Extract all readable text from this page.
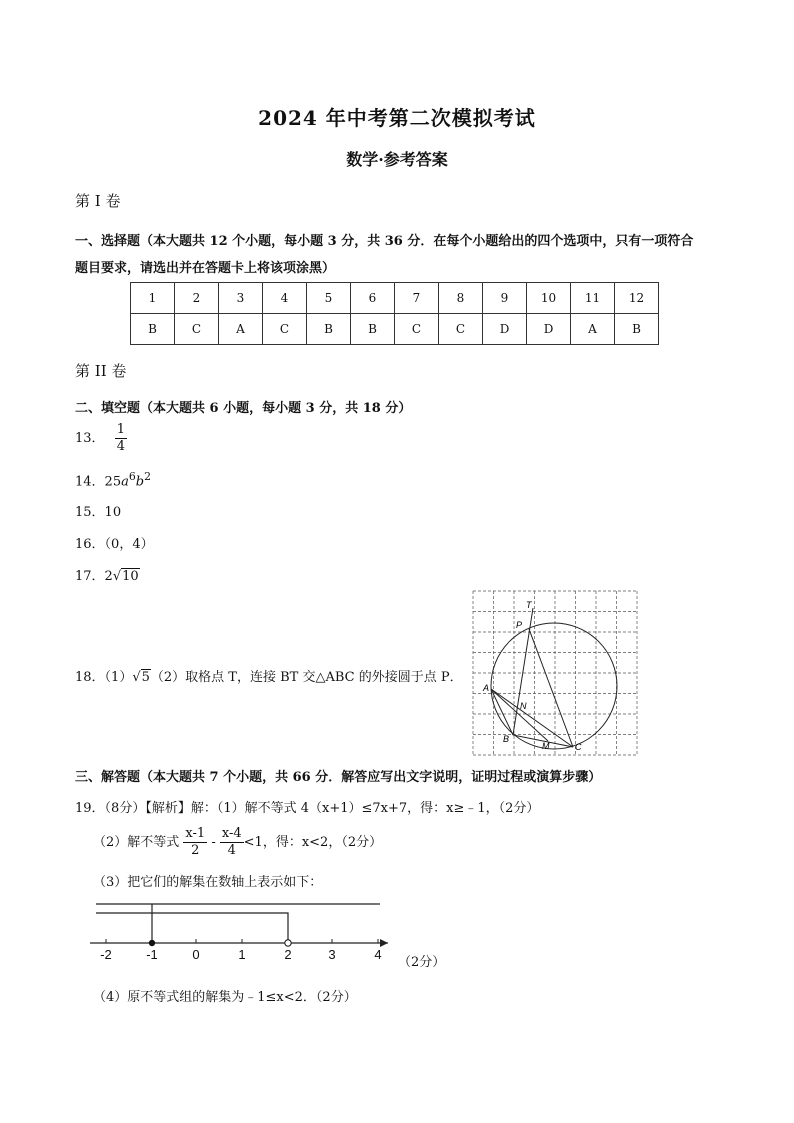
2024 年中考第二次模拟考试
数学·参考答案
第 I 卷
一、选择题（本大题共 12 个小题，每小题 3 分，共 36 分．在每个小题给出的四个选项中，只有一项符合
题目要求，请选出并在答题卡上将该项涂黑）
1	2	3	4	5	6	7	8	9	10	11	12
B	C	A	C	B	B	C	C	D	D	A	B
第 II 卷
二、填空题（本大题共 6 小题，每小题 3 分，共 18 分）
13． $\frac{1}{4}$
14．$25a^6b^2$
15．10
16．（0，4）
17．2√10
18．（1）√5（2）取格点 T，连接 BT 交△ABC 的外接圆于点 P．
T
P
A
N
B
M	C
三、解答题（本大题共 7 个小题，共 66 分．解答应写出文字说明，证明过程或演算步骤）
19．（8分）【解析】解：（1）解不等式 4（x+1）≤7x+7，得：x≥﹣1，（2分）
（2）解不等式 $\frac{x-1}{2} - \frac{x-4}{4} <1$，得：x<2，（2分）
（3）把它们的解集在数轴上表示如下：
-2	-1	0	1	2	3	4
（2分）
（4）原不等式组的解集为﹣1≤x<2．（2分）
